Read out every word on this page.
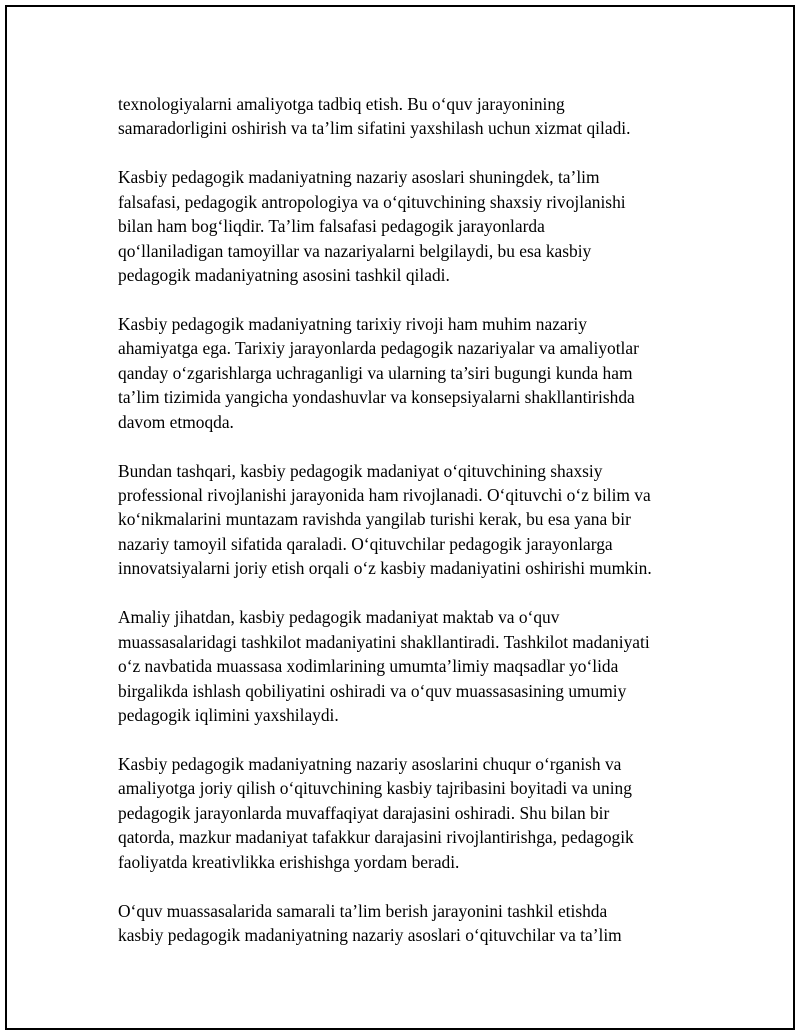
texnologiyalarni amaliyotga tadbiq etish. Bu o‘quv jarayonining
samaradorligini oshirish va ta’lim sifatini yaxshilash uchun xizmat qiladi.

Kasbiy pedagogik madaniyatning nazariy asoslari shuningdek, ta’lim
falsafasi, pedagogik antropologiya va o‘qituvchining shaxsiy rivojlanishi
bilan ham bog‘liqdir. Ta’lim falsafasi pedagogik jarayonlarda
qo‘llaniladigan tamoyillar va nazariyalarni belgilaydi, bu esa kasbiy
pedagogik madaniyatning asosini tashkil qiladi.

Kasbiy pedagogik madaniyatning tarixiy rivoji ham muhim nazariy
ahamiyatga ega. Tarixiy jarayonlarda pedagogik nazariyalar va amaliyotlar
qanday o‘zgarishlarga uchraganligi va ularning ta’siri bugungi kunda ham
ta’lim tizimida yangicha yondashuvlar va konsepsiyalarni shakllantirishda
davom etmoqda.

Bundan tashqari, kasbiy pedagogik madaniyat o‘qituvchining shaxsiy
professional rivojlanishi jarayonida ham rivojlanadi. O‘qituvchi o‘z bilim va
ko‘nikmalarini muntazam ravishda yangilab turishi kerak, bu esa yana bir
nazariy tamoyil sifatida qaraladi. O‘qituvchilar pedagogik jarayonlarga
innovatsiyalarni joriy etish orqali o‘z kasbiy madaniyatini oshirishi mumkin.

Amaliy jihatdan, kasbiy pedagogik madaniyat maktab va o‘quv
muassasalaridagi tashkilot madaniyatini shakllantiradi. Tashkilot madaniyati
o‘z navbatida muassasa xodimlarining umumta’limiy maqsadlar yo‘lida
birgalikda ishlash qobiliyatini oshiradi va o‘quv muassasasining umumiy
pedagogik iqlimini yaxshilaydi.

Kasbiy pedagogik madaniyatning nazariy asoslarini chuqur o‘rganish va
amaliyotga joriy qilish o‘qituvchining kasbiy tajribasini boyitadi va uning
pedagogik jarayonlarda muvaffaqiyat darajasini oshiradi. Shu bilan bir
qatorda, mazkur madaniyat tafakkur darajasini rivojlantirishga, pedagogik
faoliyatda kreativlikka erishishga yordam beradi.

O‘quv muassasalarida samarali ta’lim berish jarayonini tashkil etishda
kasbiy pedagogik madaniyatning nazariy asoslari o‘qituvchilar va ta’lim
